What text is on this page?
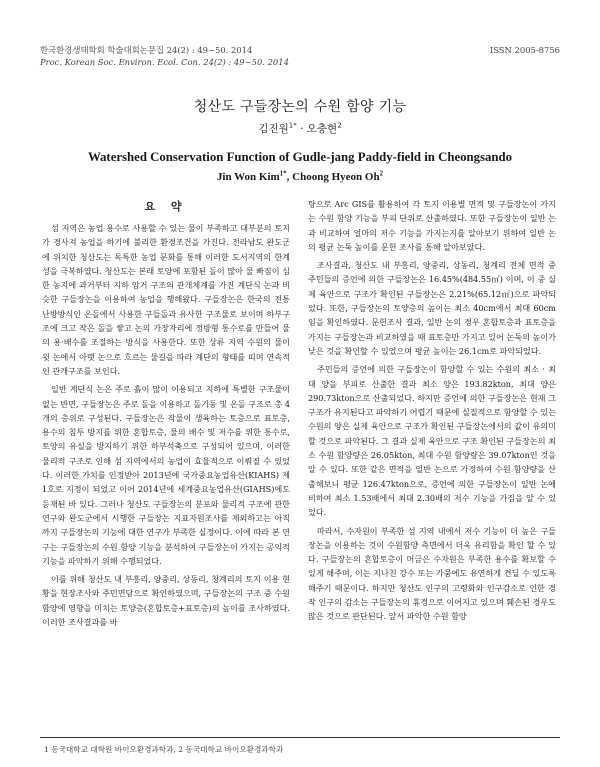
한국환경생태학회 학술대회논문집 24(2) : 49~50. 2014	ISSN 2005-8756
Proc. Korean Soc. Environ. Ecol. Con. 24(2) : 49~50. 2014
청산도 구들장논의 수원 함양 기능
김진원$^{1*}$ · 오충현$^2$
Watershed Conservation Function of Gudle-jang Paddy-field in Cheongsando
Jin Won Kim$^{1*}$, Choong Hyeon Oh$^2$
요 약

섬 지역은 농업 용수로 사용할 수 있는 물이 부족하고 대부분의 토지가 경사져 농업을 하기에 불리한 환경조건을 가진다. 전라남도 완도군에 위치한 청산도는 독특한 농업 문화를 통해 이러한 도서지역의 한계성을 극복하였다. 청산도는 본래 토양에 포함된 돌이 많아 물 빠짐이 심한 농지에 과거부터 지하 암거 구조의 관개체계를 가진 계단식 논과 비슷한 구들장논을 이용하여 농업을 행해왔다. 구들장논은 한국의 전통 난방방식인 온돌에서 사용한 구들돌과 유사한 구조물로 보이며 하부구조에 크고 작은 돌을 쌓고 논의 가장자리에 정방형 통수로를 만들어 물의 용·배수를 조절하는 방식을 사용한다. 또한 상류 지역 수원의 물이 윗 논에서 아랫 논으로 흐르는 물길을 따라 계단의 형태를 띠며 연속적인 관개구조를 보인다.

일반 계단식 논은 주로 흙이 많이 이용되고 지하에 특별한 구조물이 없는 반면, 구들장논은 주로 돌을 이용하고 돌기둥 및 온돌 구조로 총 4개의 층위로 구성된다. 구들장논은 작물이 생육하는 토층으로 표토층, 용수의 침투 방지를 위한 혼합토층, 물의 배수 및 저수를 위한 통수로, 토양의 유실을 방지하기 위한 하부석축으로 구성되어 있으며, 이러한 물리적 구조로 인해 섬 지역에서의 농업이 효율적으로 이뤄질 수 있었다. 이러한 가치를 인정받아 2013년에 국가중요농업유산(KIAHS) 제1호로 지정이 되었고 이어 2014년에 세계중요농업유산(GIAHS)에도 등재된 바 있다. 그러나 청산도 구들장논의 분포와 물리적 구조에 관한 연구와 완도군에서 시행한 구들장논 지표자원조사를 제외하고는 아직까지 구들장논의 기능에 대한 연구가 부족한 실정이다. 이에 따라 본 연구는 구들장논의 수원 함양 기능을 분석하여 구들장논이 가지는 공익적 기능을 파악하기 위해 수행되었다.

이를 위해 청산도 내 부흥리, 양중리, 상동리, 청계리의 토지 이용 현황을 현장조사와 주민면담으로 확인하였으며, 구들장논의 구조 중 수원 함양에 영향을 미치는 토양층(혼합토층+표토층)의 높이를 조사하였다. 이러한 조사결과를 바

탕으로 Arc GIS를 활용하여 각 토지 이용별 면적 및 구들장논이 가지는 수원 함양 기능을 부피 단위로 산출하였다. 또한 구들장논이 일반 논과 비교하여 얼마의 저수 기능을 가지는지를 알아보기 위하여 일반 논의 평균 논둑 높이를 문헌 조사를 통해 알아보았다.

조사결과, 청산도 내 부흥리, 양중리, 상동리, 청계리 전체 면적 중 주민들의 증언에 의한 구들장논은 16.45%(484.55㎡) 이며, 이 중 실제 육안으로 구조가 확인된 구들장논은 2.21%(65.12㎡)으로 파악되었다. 또한, 구들장논의 토양층의 높이는 최소 40cm에서 최대 60cm임을 확인하였다. 문헌조사 결과, 일반 논의 경우 혼합토층과 표토층을 가지는 구들장논과 비교하였을 때 표토층만 가지고 있어 논둑의 높이가 낮은 것을 확인할 수 있었으며 평균 높이는 26.1cm로 파악되었다.

주민들의 증언에 의한 구들장논이 함양할 수 있는 수원의 최소 · 최대 양을 부피로 산출한 결과 최소 양은 193.82kton, 최대 양은 290.73kton으로 산출되었다. 하지만 증언에 의한 구들장논은 현재 그 구조가 유지된다고 파악하기 어렵기 때문에 실질적으로 함양할 수 있는 수원의 양은 실제 육안으로 구조가 확인된 구들장논에서의 값이 유의미할 것으로 파악된다. 그 결과 실제 육안으로 구조 확인된 구들장논의 최소 수원 함양량은 26.05kton, 최대 수원 함양량은 39.07kton인 것을 알 수 있다. 또한 같은 면적을 일반 논으로 가정하여 수원 함양량을 산출해보니 평균 126.47kton으로, 증언에 의한 구들장논이 일반 논에 비하여 최소 1.53배에서 최대 2.30배의 저수 기능을 가짐을 알 수 있었다.

따라서, 수자원이 부족한 섬 지역 내에서 저수 기능이 더 높은 구들장논을 이용하는 것이 수원함양 측면에서 더욱 유리함을 확인 할 수 있다. 구들장논의 혼합토층이 머금은 수자원은 부족한 용수를 확보할 수 있게 해주며, 이는 지나친 강수 또는 가뭄에도 유연하게 견딜 수 있도록 해주기 때문이다. 하지만 청산도 인구의 고령화와 인구감소로 인한 경작 인구의 감소는 구들장논의 휴경으로 이어지고 있으며 훼손된 경우도 많은 것으로 판단된다. 앞서 파악한 수원 함양

1 동국대학교 대학원 바이오환경과학과, 2 동국대학교 바이오환경과학과
